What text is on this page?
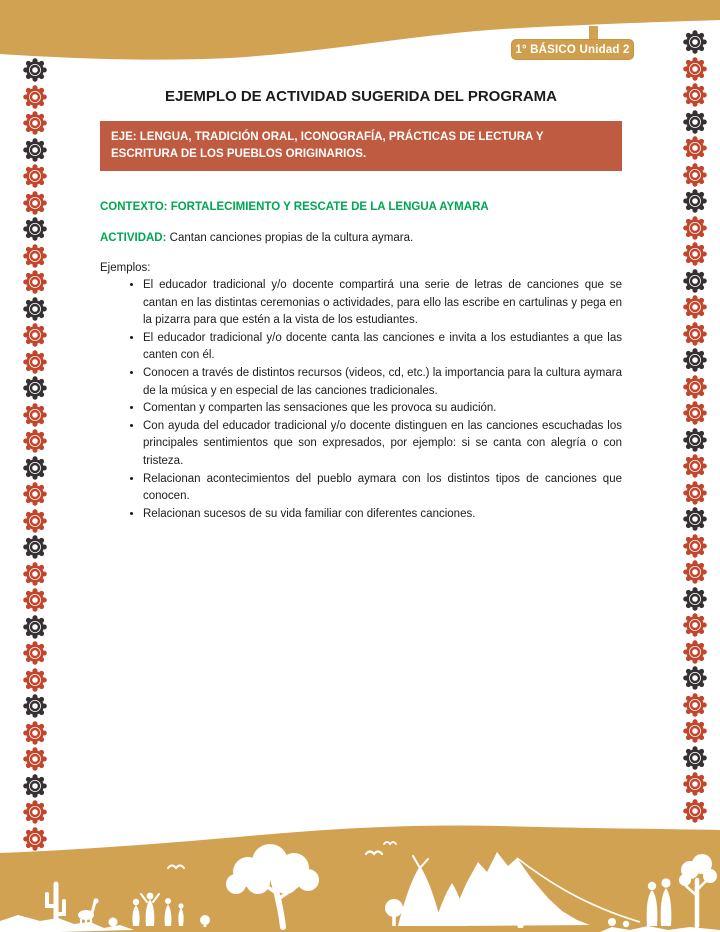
1° BÁSICO Unidad 2
EJEMPLO DE ACTIVIDAD SUGERIDA DEL PROGRAMA
EJE: LENGUA, TRADICIÓN ORAL, ICONOGRAFÍA, PRÁCTICAS DE LECTURA Y ESCRITURA DE LOS PUEBLOS ORIGINARIOS.
CONTEXTO: FORTALECIMIENTO Y RESCATE DE LA LENGUA AYMARA
ACTIVIDAD: Cantan canciones propias de la cultura aymara.
Ejemplos:
• El educador tradicional y/o docente compartirá una serie de letras de canciones que se cantan en las distintas ceremonias o actividades, para ello las escribe en cartulinas y pega en la pizarra para que estén a la vista de los estudiantes.
• El educador tradicional y/o docente canta las canciones e invita a los estudiantes a que las canten con él.
• Conocen a través de distintos recursos (videos, cd, etc.) la importancia para la cultura aymara de la música y en especial de las canciones tradicionales.
• Comentan y comparten las sensaciones que les provoca su audición.
• Con ayuda del educador tradicional y/o docente distinguen en las canciones escuchadas los principales sentimientos que son expresados, por ejemplo: si se canta con alegría o con tristeza.
• Relacionan acontecimientos del pueblo aymara con los distintos tipos de canciones que conocen.
• Relacionan sucesos de su vida familiar con diferentes canciones.
